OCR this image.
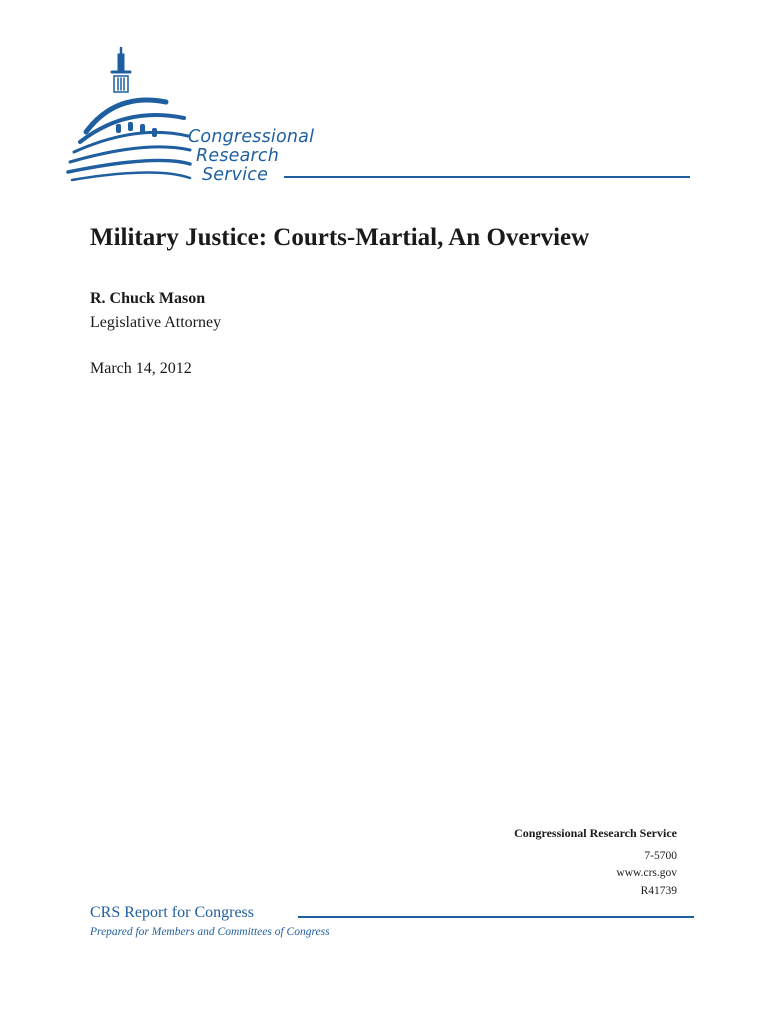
Congressional
Research
Service
Military Justice: Courts-Martial, An Overview
R. Chuck Mason
Legislative Attorney
March 14, 2012
Congressional Research Service
7-5700
www.crs.gov
R41739
CRS Report for Congress
Prepared for Members and Committees of Congress
